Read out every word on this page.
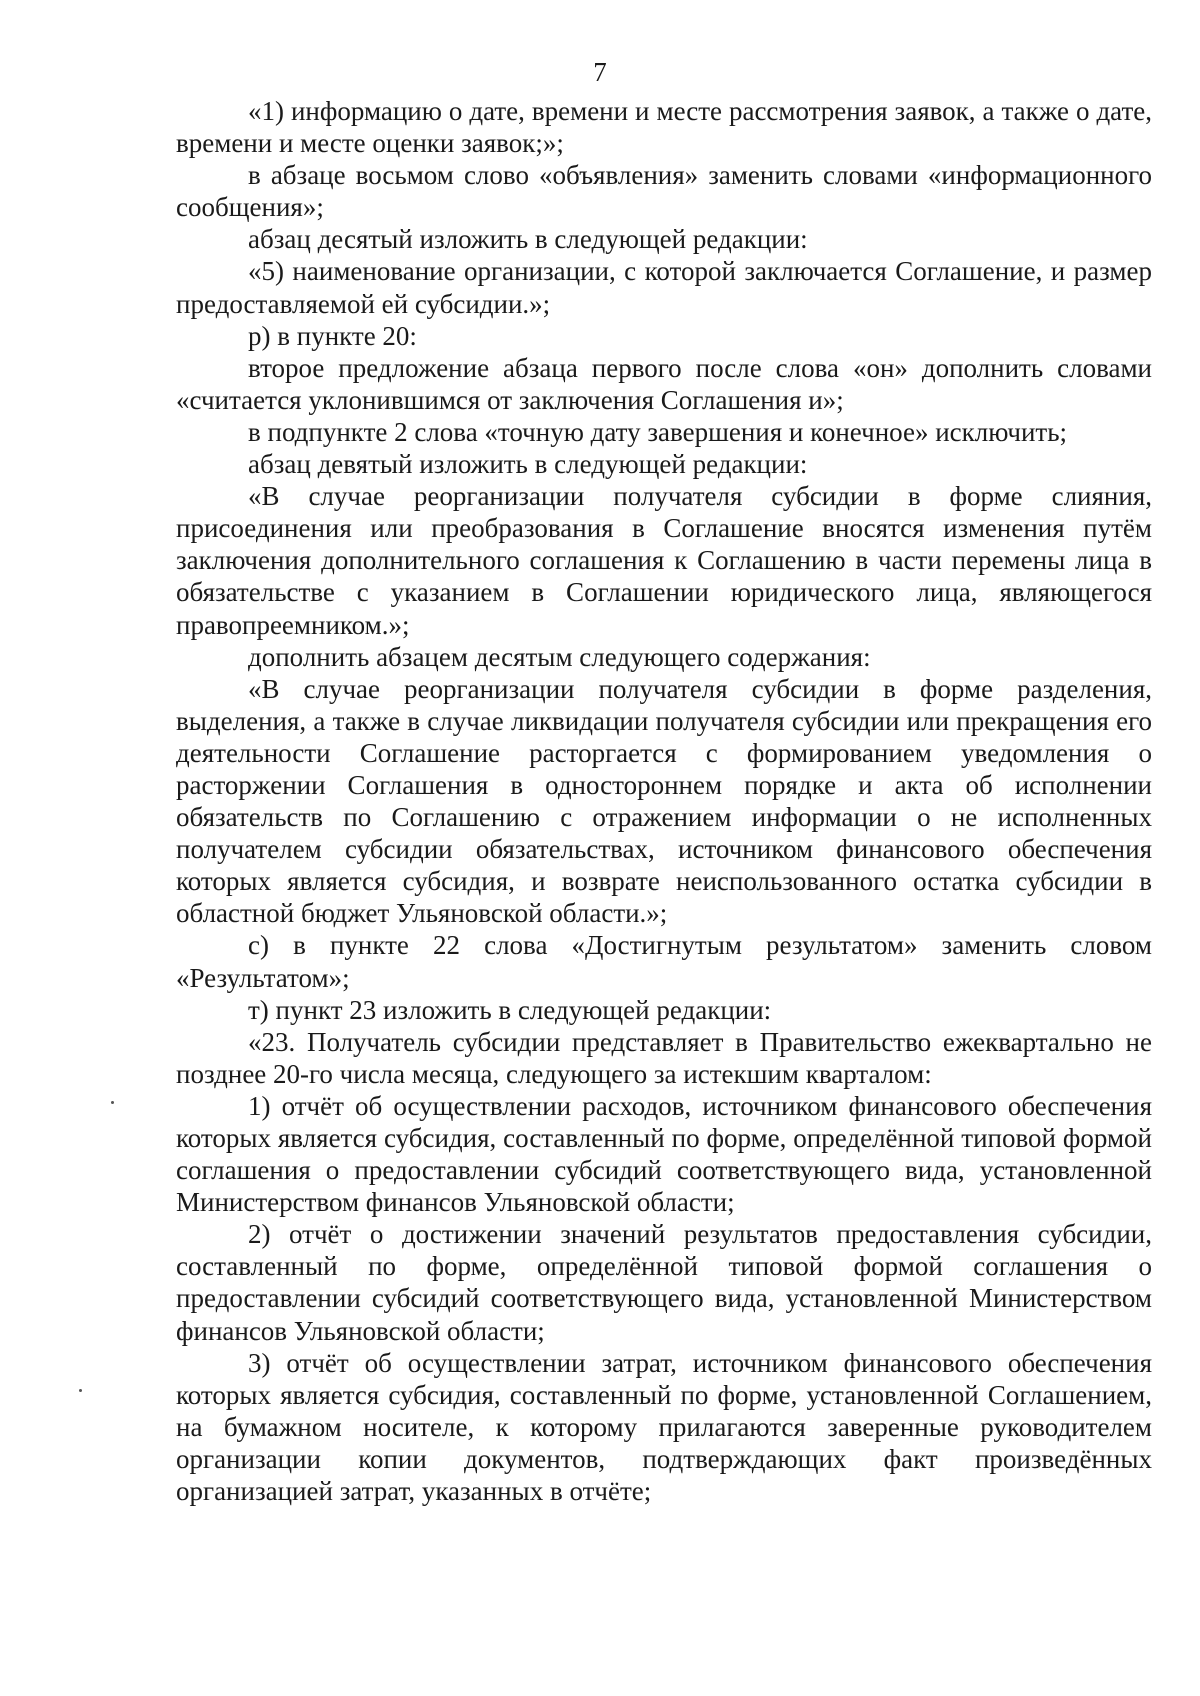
7

«1) информацию о дате, времени и месте рассмотрения заявок, а также о дате, времени и месте оценки заявок;»;

в абзаце восьмом слово «объявления» заменить словами «информационного сообщения»;

абзац десятый изложить в следующей редакции:

«5) наименование организации, с которой заключается Соглашение, и размер предоставляемой ей субсидии.»;

р) в пункте 20:

второе предложение абзаца первого после слова «он» дополнить словами «считается уклонившимся от заключения Соглашения и»;

в подпункте 2 слова «точную дату завершения и конечное» исключить;

абзац девятый изложить в следующей редакции:

«В случае реорганизации получателя субсидии в форме слияния, присоединения или преобразования в Соглашение вносятся изменения путём заключения дополнительного соглашения к Соглашению в части перемены лица в обязательстве с указанием в Соглашении юридического лица, являющегося правопреемником.»;

дополнить абзацем десятым следующего содержания:

«В случае реорганизации получателя субсидии в форме разделения, выделения, а также в случае ликвидации получателя субсидии или прекращения его деятельности Соглашение расторгается с формированием уведомления о расторжении Соглашения в одностороннем порядке и акта об исполнении обязательств по Соглашению с отражением информации о не исполненных получателем субсидии обязательствах, источником финансового обеспечения которых является субсидия, и возврате неиспользованного остатка субсидии в областной бюджет Ульяновской области.»;

с) в пункте 22 слова «Достигнутым результатом» заменить словом «Результатом»;

т) пункт 23 изложить в следующей редакции:

«23. Получатель субсидии представляет в Правительство ежеквартально не позднее 20-го числа месяца, следующего за истекшим кварталом:

1) отчёт об осуществлении расходов, источником финансового обеспечения которых является субсидия, составленный по форме, определённой типовой формой соглашения о предоставлении субсидий соответствующего вида, установленной Министерством финансов Ульяновской области;

2) отчёт о достижении значений результатов предоставления субсидии, составленный по форме, определённой типовой формой соглашения о предоставлении субсидий соответствующего вида, установленной Министерством финансов Ульяновской области;

3) отчёт об осуществлении затрат, источником финансового обеспечения которых является субсидия, составленный по форме, установленной Соглашением, на бумажном носителе, к которому прилагаются заверенные руководителем организации копии документов, подтверждающих факт произведённых организацией затрат, указанных в отчёте;
